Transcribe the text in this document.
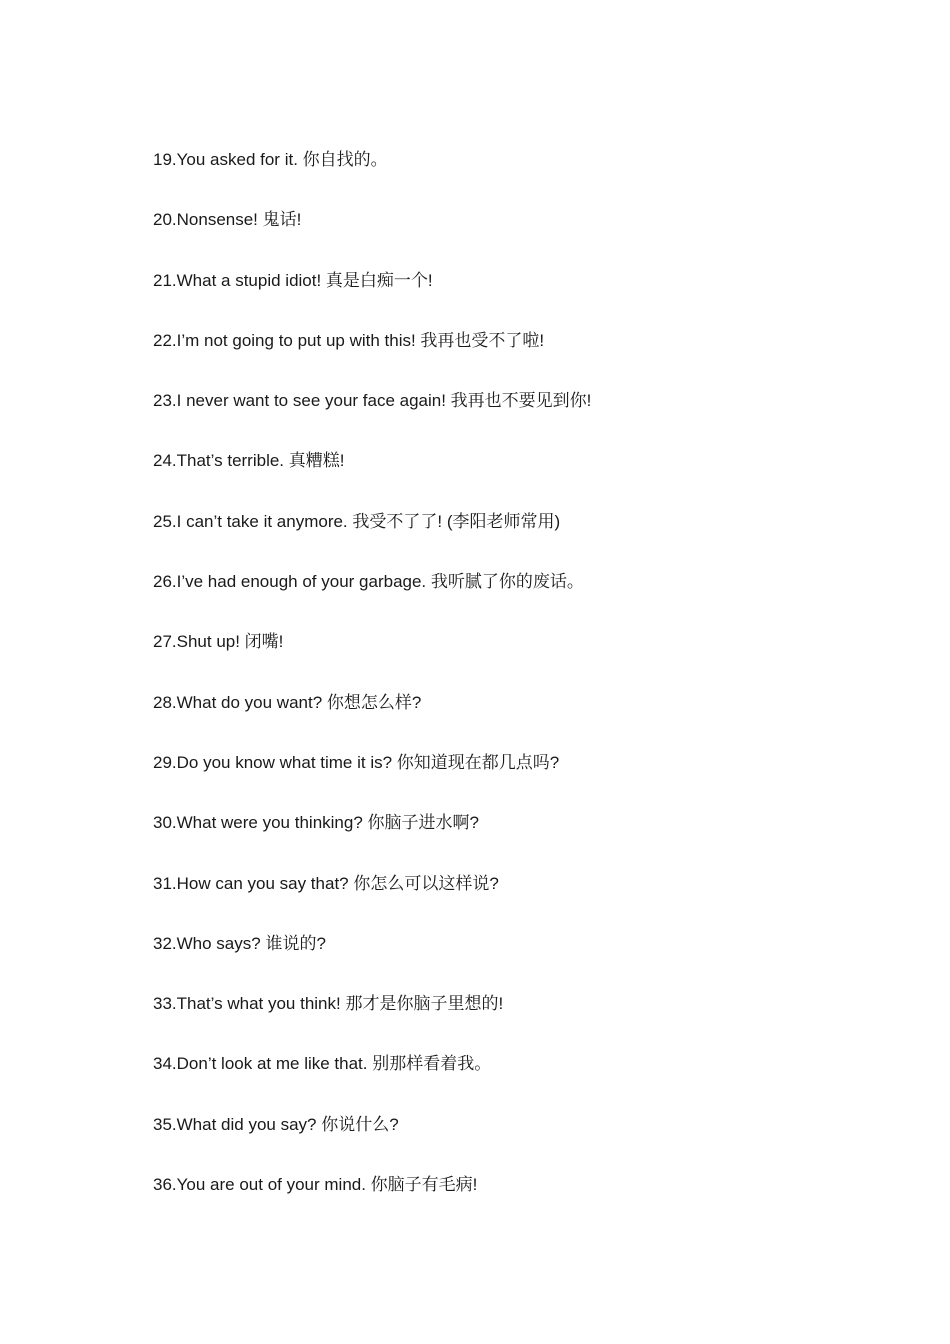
19.You asked for it. 你自找的。
20.Nonsense! 鬼话!
21.What a stupid idiot! 真是白痴一个!
22.I’m not going to put up with this! 我再也受不了啦!
23.I never want to see your face again! 我再也不要见到你!
24.That’s terrible. 真糟糕!
25.I can’t take it anymore. 我受不了了! (李阳老师常用)
26.I’ve had enough of your garbage. 我听腻了你的废话。
27.Shut up! 闭嘴!
28.What do you want? 你想怎么样?
29.Do you know what time it is? 你知道现在都几点吗?
30.What were you thinking? 你脑子进水啊?
31.How can you say that? 你怎么可以这样说?
32.Who says? 谁说的?
33.That’s what you think! 那才是你脑子里想的!
34.Don’t look at me like that. 别那样看着我。
35.What did you say? 你说什么?
36.You are out of your mind. 你脑子有毛病!
